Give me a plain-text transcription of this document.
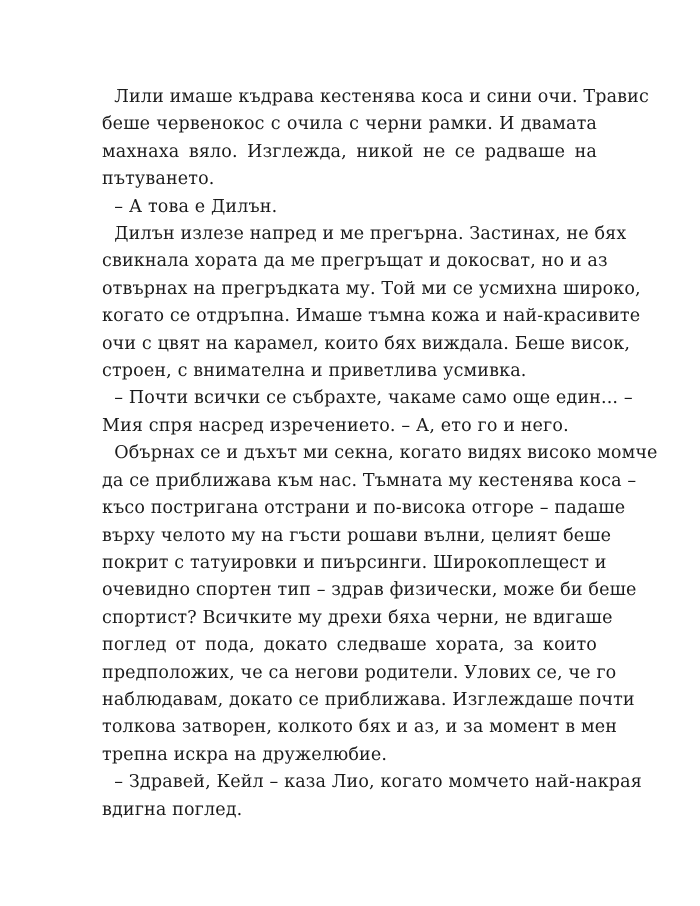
Лили имаше къдрава кестенява коса и сини очи. Травис
беше червенокос с очила с черни рамки. И двамата
махнаха вяло. Изглежда, никой не се радваше на
пътуването.

– А това е Дилън.

Дилън излезе напред и ме прегърна. Застинах, не бях
свикнала хората да ме прегръщат и докосват, но и аз
отвърнах на прегръдката му. Той ми се усмихна широко,
когато се отдръпна. Имаше тъмна кожа и най-красивите
очи с цвят на карамел, които бях виждала. Беше висок,
строен, с внимателна и приветлива усмивка.

– Почти всички се събрахте, чакаме само още един... –
Мия спря насред изречението. – А, ето го и него.

Обърнах се и дъхът ми секна, когато видях високо момче
да се приближава към нас. Тъмната му кестенява коса –
късо постригана отстрани и по-висока отгоре – падаше
върху челото му на гъсти рошави вълни, целият беше
покрит с татуировки и пиърсинги. Широкоплещест и
очевидно спортен тип – здрав физически, може би беше
спортист? Всичките му дрехи бяха черни, не вдигаше
поглед от пода, докато следваше хората, за които
предположих, че са негови родители. Улових се, че го
наблюдавам, докато се приближава. Изглеждаше почти
толкова затворен, колкото бях и аз, и за момент в мен
трепна искра на дружелюбие.

– Здравей, Кейл – каза Лио, когато момчето най-накрая
вдигна поглед.
